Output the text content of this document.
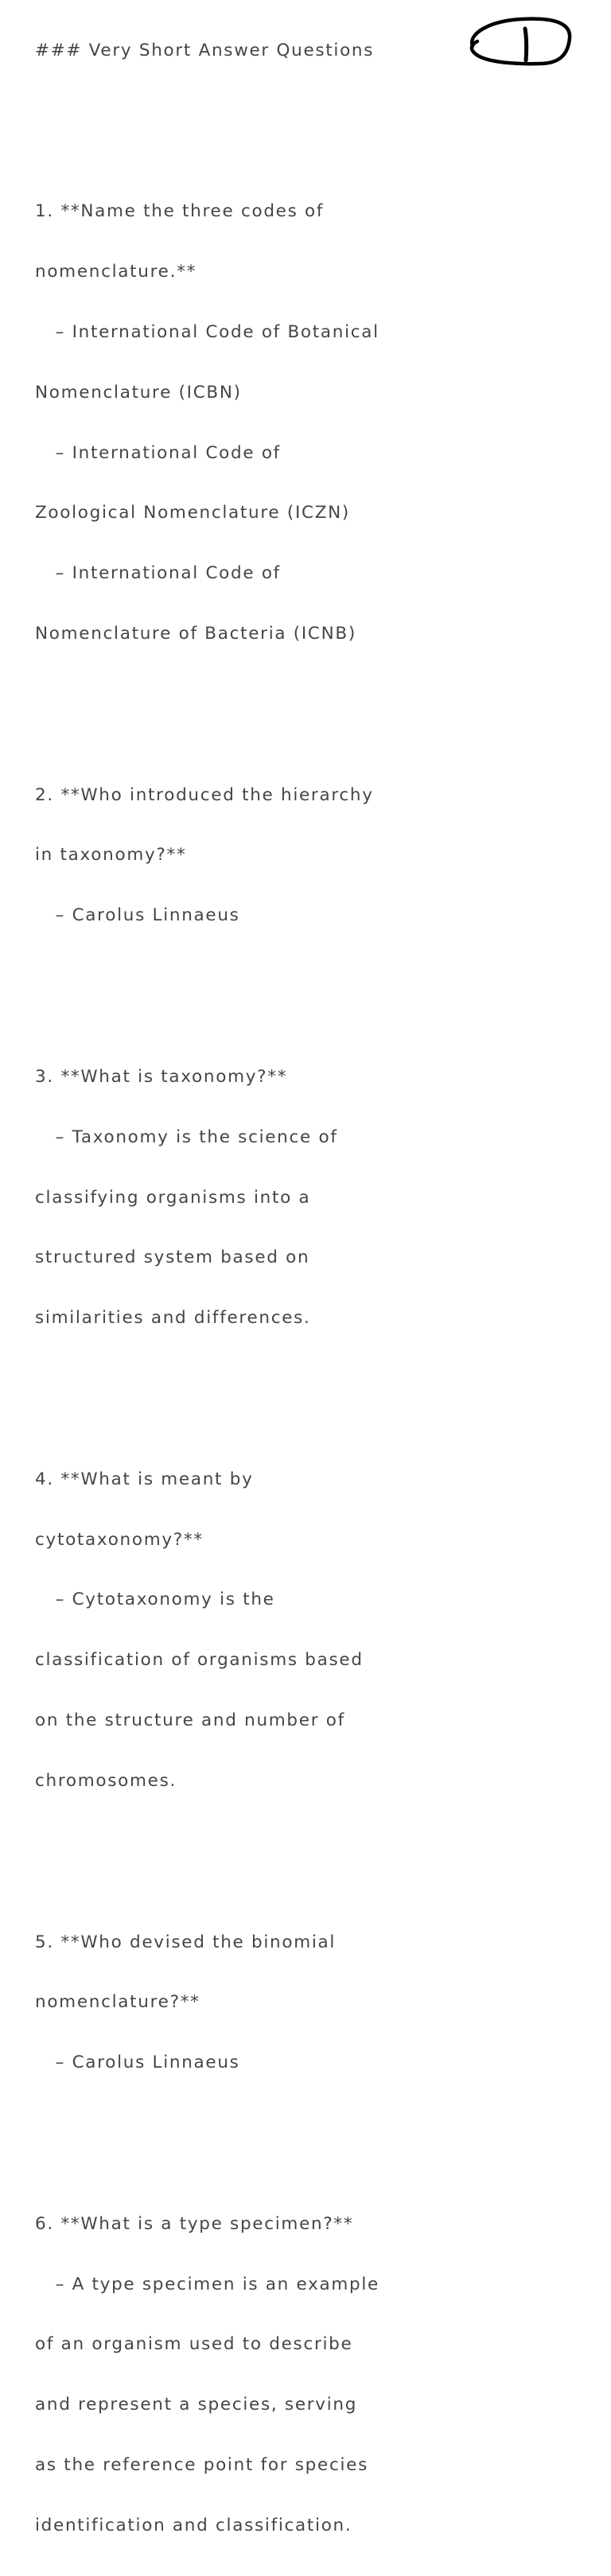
### Very Short Answer Questions

1. **Name the three codes of

nomenclature.**

– International Code of Botanical

Nomenclature (ICBN)

– International Code of

Zoological Nomenclature (ICZN)

– International Code of

Nomenclature of Bacteria (ICNB)

2. **Who introduced the hierarchy

in taxonomy?**

– Carolus Linnaeus

3. **What is taxonomy?**

– Taxonomy is the science of

classifying organisms into a

structured system based on

similarities and differences.

4. **What is meant by

cytotaxonomy?**

– Cytotaxonomy is the

classification of organisms based

on the structure and number of

chromosomes.

5. **Who devised the binomial

nomenclature?**

– Carolus Linnaeus

6. **What is a type specimen?**

– A type specimen is an example

of an organism used to describe

and represent a species, serving

as the reference point for species

identification and classification.
